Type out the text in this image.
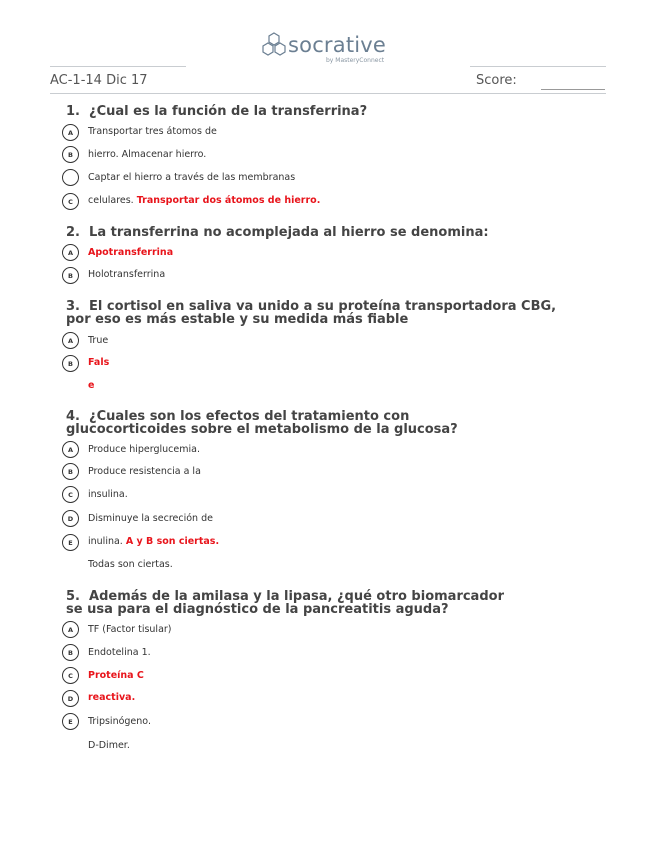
socrative
by MasteryConnect
AC-1-14 Dic 17	Score:
1. ¿Cual es la función de la transferrina?
A	Transportar tres átomos de
B	hierro. Almacenar hierro.
Captar el hierro a través de las membranas
C	celulares. Transportar dos átomos de hierro.
2. La transferrina no acomplejada al hierro se denomina:
A	Apotransferrina
B	Holotransferrina
3. El cortisol en saliva va unido a su proteína transportadora CBG,
por eso es más estable y su medida más fiable
A	True
B	Fals
e
4. ¿Cuales son los efectos del tratamiento con
glucocorticoides sobre el metabolismo de la glucosa?
A	Produce hiperglucemia.
B	Produce resistencia a la
C	insulina.
D	Disminuye la secreción de
E	inulina. A y B son ciertas.
Todas son ciertas.
5. Además de la amilasa y la lipasa, ¿qué otro biomarcador
se usa para el diagnóstico de la pancreatitis aguda?
A	TF (Factor tisular)
B	Endotelina 1.
C	Proteína C
D	reactiva.
E	Tripsinógeno.
D-Dimer.
